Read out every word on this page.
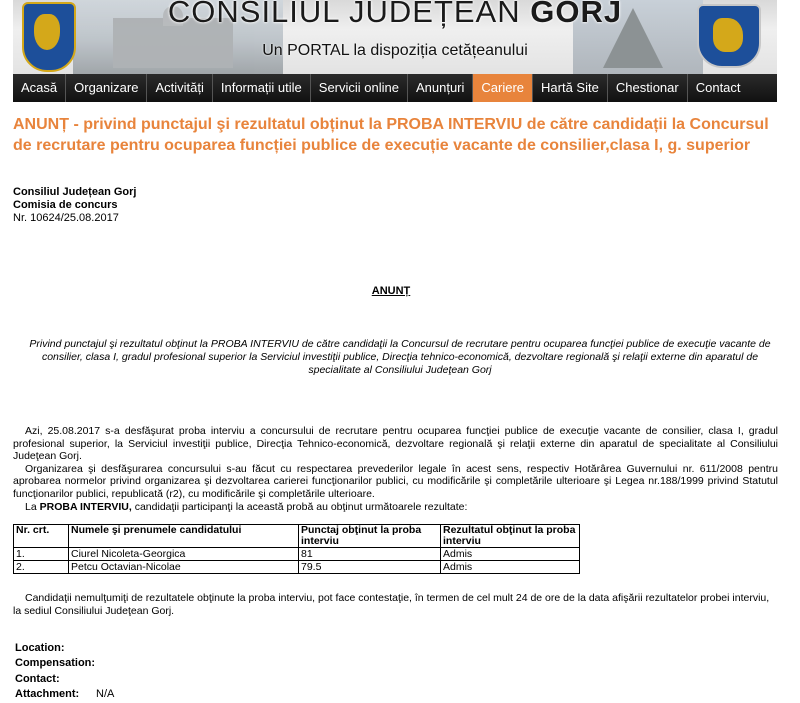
CONSILIUL JUDEȚEAN GORJ
Un PORTAL la dispoziția cetățeanului
Acasă	Organizare	Activități	Informații utile	Servicii online	Anunțuri	Cariere	Hartă Site	Chestionar	Contact
ANUNȚ - privind punctajul şi rezultatul obținut la PROBA INTERVIU de către candidații la Concursul de recrutare pentru ocuparea funcției publice de execuție vacante de consilier,clasa I, g. superior
Consiliul Județean Gorj
Comisia de concurs
Nr. 10624/25.08.2017
ANUNȚ
Privind punctajul şi rezultatul obţinut la PROBA INTERVIU de către candidaţii la Concursul de recrutare pentru ocuparea funcţiei publice de execuţie vacante de consilier, clasa I, gradul profesional superior la Serviciul investiţii publice, Direcţia tehnico-economică, dezvoltare regională şi relaţii externe din aparatul de specialitate al Consiliului Judeţean Gorj

Azi, 25.08.2017 s-a desfăşurat proba interviu a concursului de recrutare pentru ocuparea funcţiei publice de execuţie vacante de consilier, clasa I, gradul profesional superior, la Serviciul investiţii publice, Direcţia Tehnico-economică, dezvoltare regională şi relaţii externe din aparatul de specialitate al Consiliului Judeţean Gorj.

Organizarea şi desfăşurarea concursului s-au făcut cu respectarea prevederilor legale în acest sens, respectiv Hotărârea Guvernului nr. 611/2008 pentru aprobarea normelor privind organizarea şi dezvoltarea carierei funcţionarilor publici, cu modificările şi completările ulterioare şi Legea nr.188/1999 privind Statutul funcţionarilor publici, republicată (r2), cu modificările şi completările ulterioare.

La PROBA INTERVIU, candidaţii participanţi la această probă au obţinut următoarele rezultate:

Nr. crt.	Numele şi prenumele candidatului	Punctaj obţinut la proba interviu	Rezultatul obţinut la proba interviu
1.	Ciurel Nicoleta-Georgica	81	Admis
2.	Petcu Octavian-Nicolae	79.5	Admis
Candidaţii nemulţumiţi de rezultatele obţinute la proba interviu, pot face contestaţie, în termen de cel mult 24 de ore de la data afişării rezultatelor probei interviu, la sediul Consiliului Judeţean Gorj.
Location:
Compensation:
Contact:
Attachment: N/A
